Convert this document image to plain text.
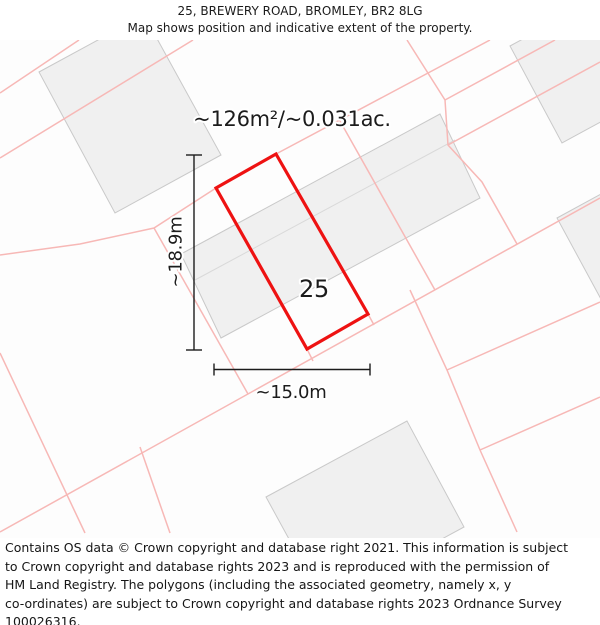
25, BREWERY ROAD, BROMLEY, BR2 8LG
Map shows position and indicative extent of the property.
~126m²/~0.031ac.
25
~18.9m
~15.0m
Contains OS data © Crown copyright and database right 2021. This information is subject
to Crown copyright and database rights 2023 and is reproduced with the permission of
HM Land Registry. The polygons (including the associated geometry, namely x, y
co-ordinates) are subject to Crown copyright and database rights 2023 Ordnance Survey
100026316.
